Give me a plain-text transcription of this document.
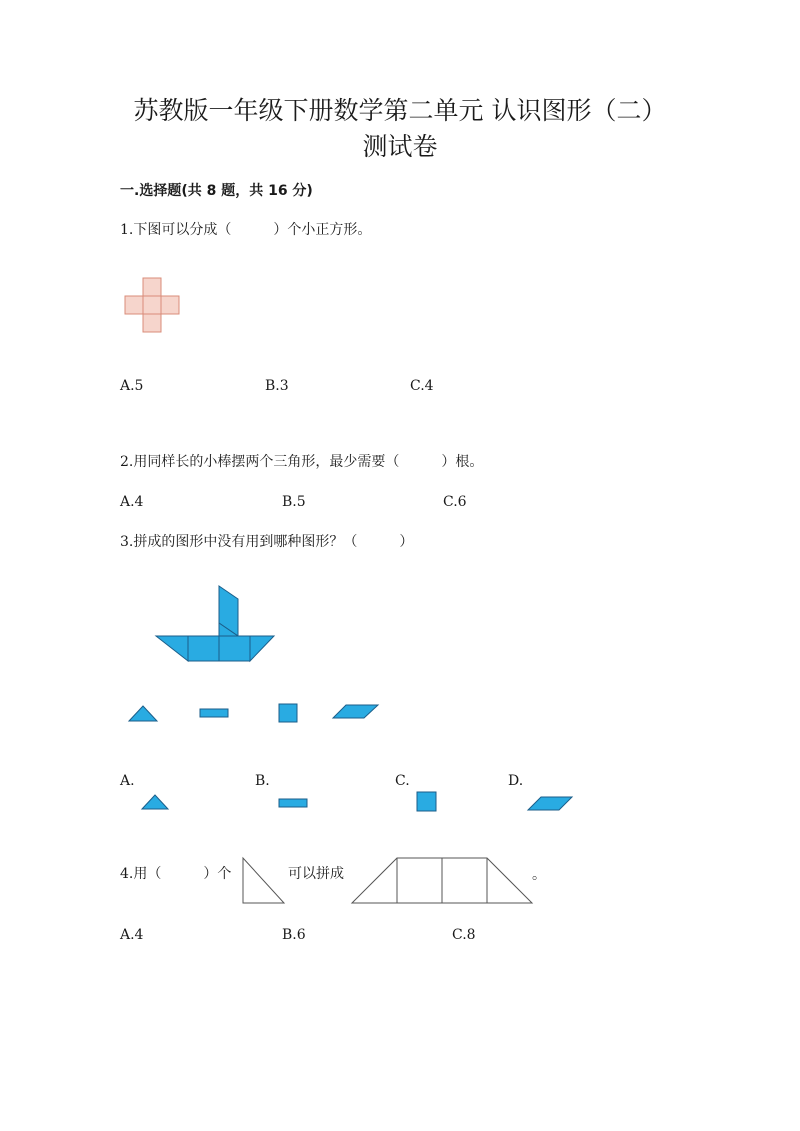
苏教版一年级下册数学第二单元 认识图形（二）
测试卷
一.选择题(共 8 题，共 16 分)
1.下图可以分成（　　　）个小正方形。
A.5	B.3	C.4
2.用同样长的小棒摆两个三角形，最少需要（　　　）根。
A.4	B.5	C.6
3.拼成的图形中没有用到哪种图形？（　　　）
A.	B.	C.	D.
4.用（　　　）个	可以拼成	。
A.4	B.6	C.8
